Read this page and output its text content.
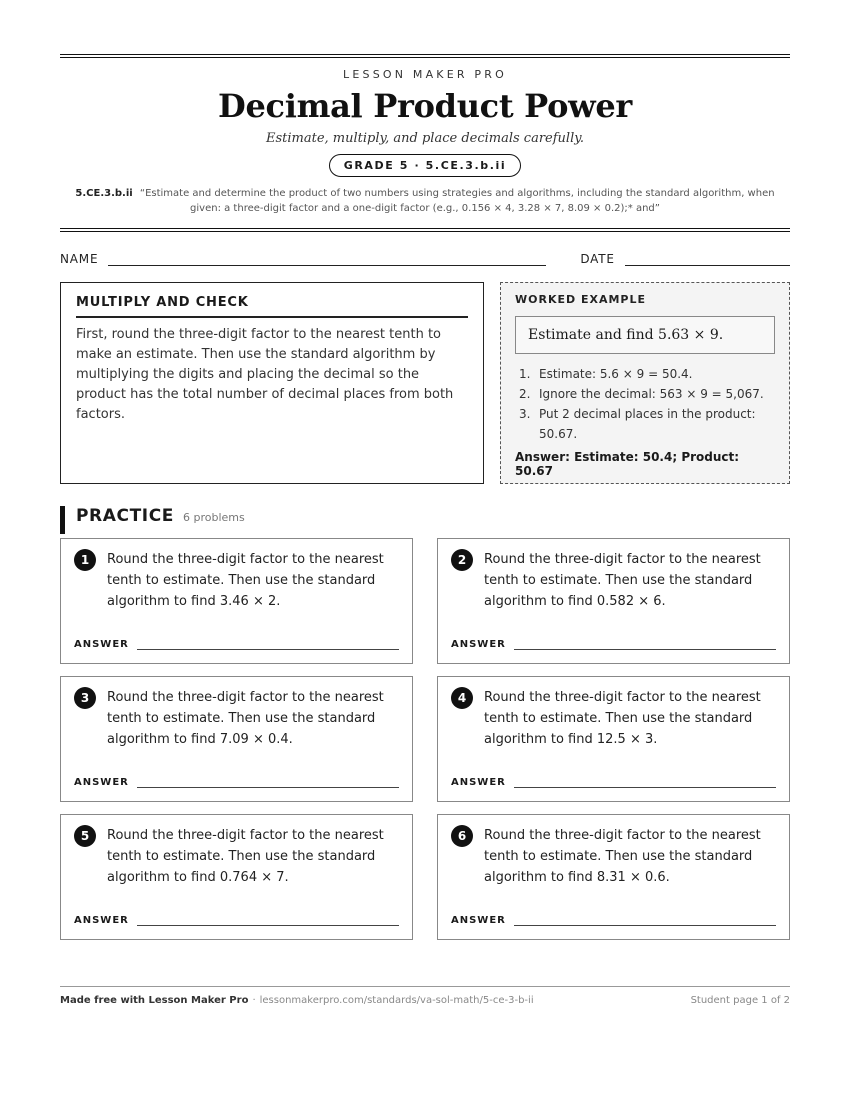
LESSON MAKER PRO
Decimal Product Power
Estimate, multiply, and place decimals carefully.
GRADE 5 · 5.CE.3.b.ii
5.CE.3.b.ii “Estimate and determine the product of two numbers using strategies and algorithms, including the standard algorithm, when given: a three-digit factor and a one-digit factor (e.g., 0.156 × 4, 3.28 × 7, 8.09 × 0.2);* and”
NAME	DATE
MULTIPLY AND CHECK
First, round the three-digit factor to the nearest tenth to make an estimate. Then use the standard algorithm by multiplying the digits and placing the decimal so the product has the total number of decimal places from both factors.
WORKED EXAMPLE
Estimate and find 5.63 × 9.
1. Estimate: 5.6 × 9 = 50.4.
2. Ignore the decimal: 563 × 9 = 5,067.
3. Put 2 decimal places in the product: 50.67.
Answer: Estimate: 50.4; Product: 50.67
PRACTICE 6 problems
1	Round the three-digit factor to the nearest tenth to estimate. Then use the standard algorithm to find 3.46 × 2.
ANSWER
2	Round the three-digit factor to the nearest tenth to estimate. Then use the standard algorithm to find 0.582 × 6.
ANSWER
3	Round the three-digit factor to the nearest tenth to estimate. Then use the standard algorithm to find 7.09 × 0.4.
ANSWER
4	Round the three-digit factor to the nearest tenth to estimate. Then use the standard algorithm to find 12.5 × 3.
ANSWER
5	Round the three-digit factor to the nearest tenth to estimate. Then use the standard algorithm to find 0.764 × 7.
ANSWER
6	Round the three-digit factor to the nearest tenth to estimate. Then use the standard algorithm to find 8.31 × 0.6.
ANSWER
Made free with Lesson Maker Pro · lessonmakerpro.com/standards/va-sol-math/5-ce-3-b-ii	Student page 1 of 2
